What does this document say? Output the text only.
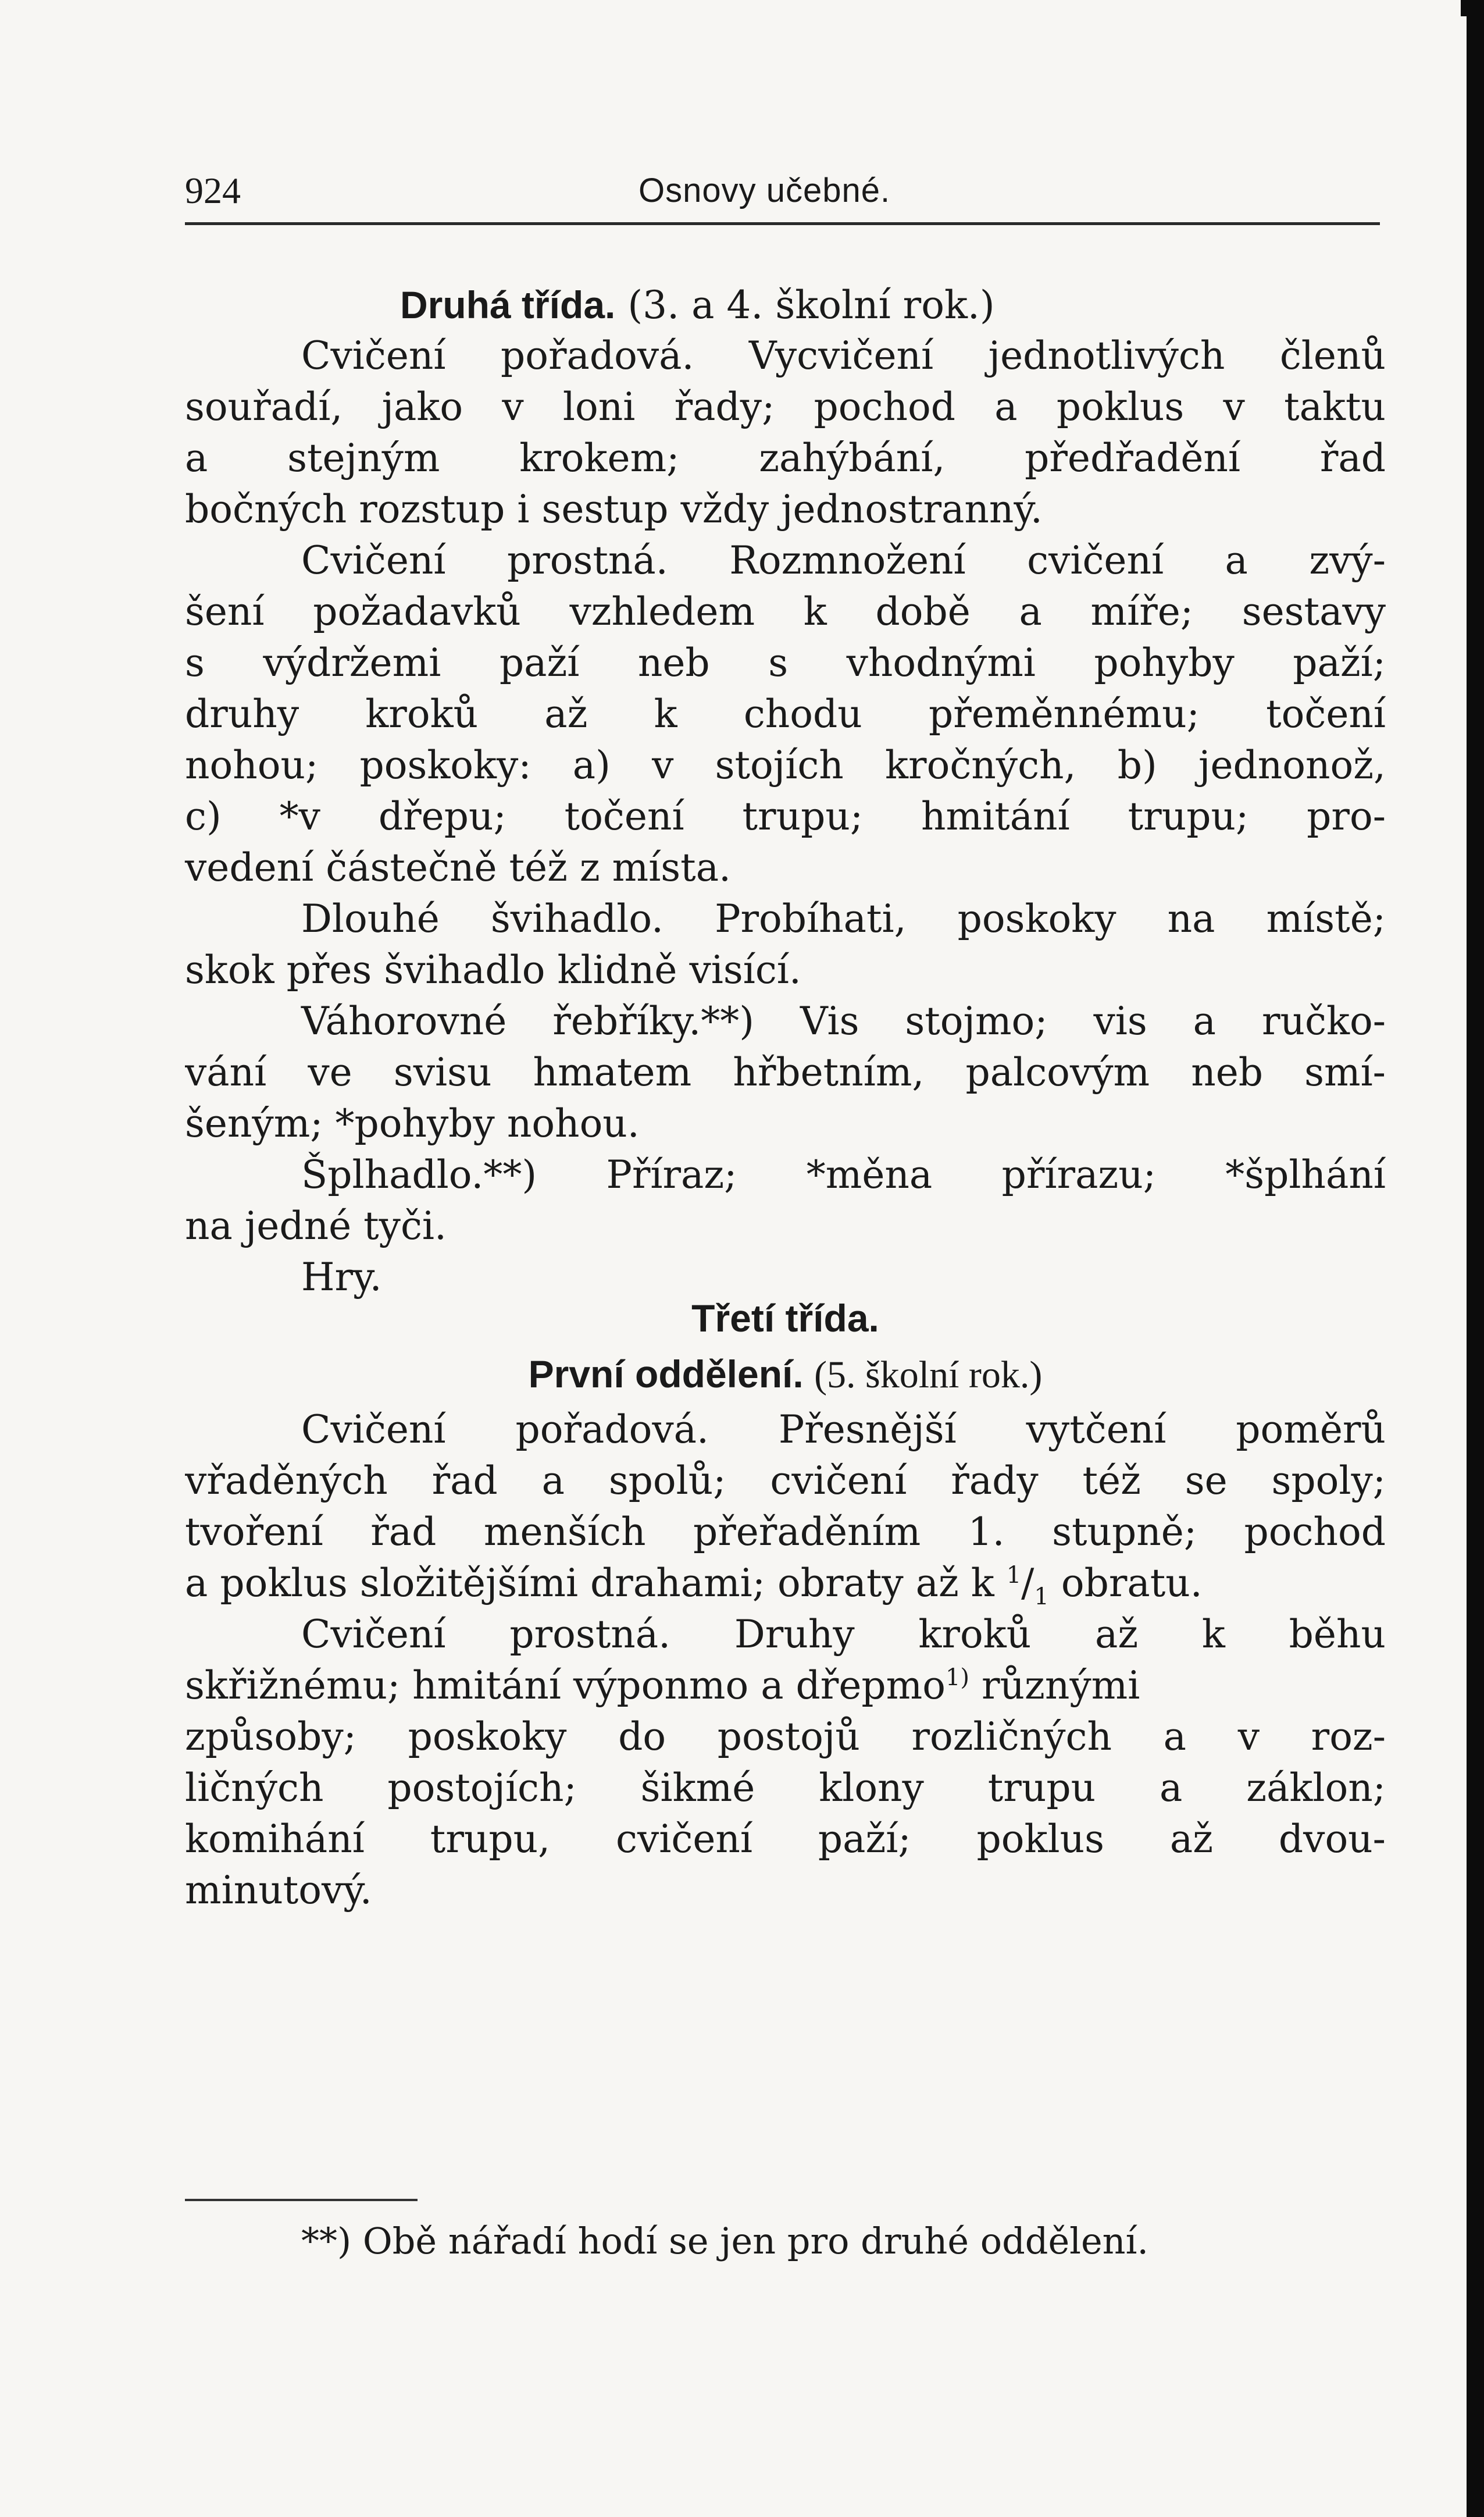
924	Osnovy učebné.
Druhá třída. (3. a 4. školní rok.)
Cvičení pořadová. Vycvičení jednotlivých členů
souřadí, jako v loni řady; pochod a poklus v taktu
a stejným krokem; zahýbání, předřadění řad
bočných rozstup i sestup vždy jednostranný.
Cvičení prostná. Rozmnožení cvičení a zvý-
šení požadavků vzhledem k době a míře; sestavy
s výdržemi paží neb s vhodnými pohyby paží;
druhy kroků až k chodu přeměnnému; točení
nohou; poskoky: a) v stojích kročných, b) jednonož,
c) *v dřepu; točení trupu; hmitání trupu; pro-
vedení částečně též z místa.
Dlouhé švihadlo. Probíhati, poskoky na místě;
skok přes švihadlo klidně visící.
Váhorovné řebříky.**) Vis stojmo; vis a ručko-
vání ve svisu hmatem hřbetním, palcovým neb smí-
šeným; *pohyby nohou.
Šplhadlo.**) Příraz; *měna přírazu; *šplhání
na jedné tyči.
Hry.
Třetí třída.
První oddělení. (5. školní rok.)
Cvičení pořadová. Přesnější vytčení poměrů
vřaděných řad a spolů; cvičení řady též se spoly;
tvoření řad menších přeřaděním 1. stupně; pochod
a poklus složitějšími drahami; obraty až k $^1/_1$ obratu.
Cvičení prostná. Druhy kroků až k běhu
skřižnému; hmitání výponmo a dřepmo$^{1)}$ různými
způsoby; poskoky do postojů rozličných a v roz-
ličných postojích; šikmé klony trupu a záklon;
komihání trupu, cvičení paží; poklus až dvou-
minutový.
**) Obě nářadí hodí se jen pro druhé oddělení.
